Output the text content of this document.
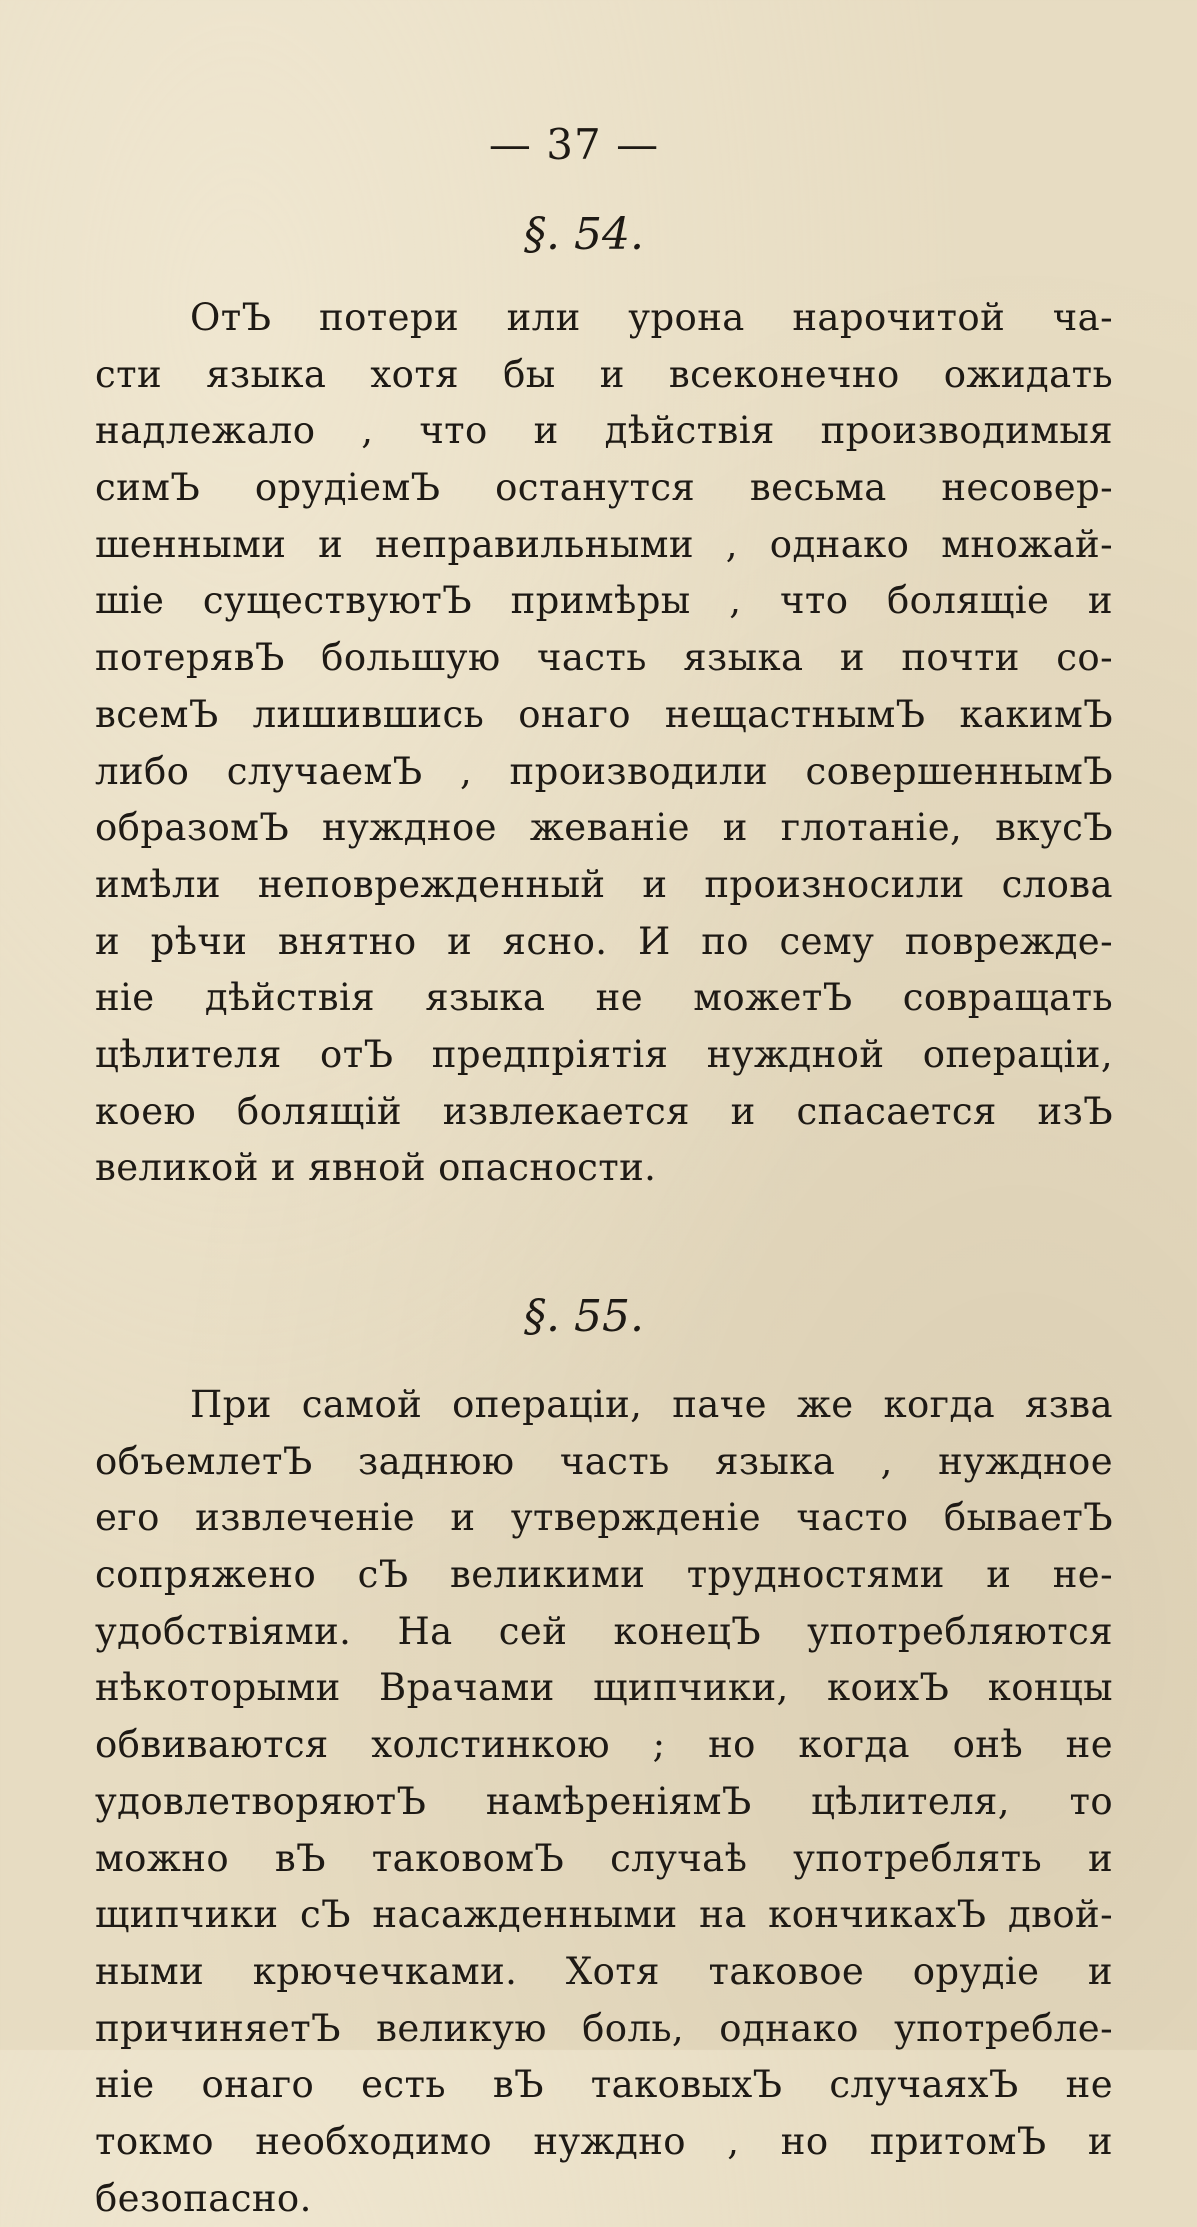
— 37 —
§. 54.
ОтЪ потери или урона нарочитой ча-
сти языка хотя бы и всеконечно ожидать
надлежало , что и дѣйствія производимыя
симЪ орудіемЪ останутся весьма несовер-
шенными и неправильными , однако множай-
шіе существуютЪ примѣры , что болящіе и
потерявЪ большую часть языка и почти со-
всемЪ лишившись онаго нещастнымЪ какимЪ
либо случаемЪ , производили совершеннымЪ
образомЪ нуждное жеваніе и глотаніе, вкусЪ
имѣли неповрежденный и произносили слова
и рѣчи внятно и ясно. И по сему поврежде-
ніе дѣйствія языка не можетЪ совращать
цѣлителя отЪ предпріятія нуждной операціи,
коею болящій извлекается и спасается изЪ
великой и явной опасности.
§. 55.
При самой операціи, паче же когда язва
объемлетЪ заднюю часть языка , нуждное
его извлеченіе и утвержденіе часто бываетЪ
сопряжено сЪ великими трудностями и не-
удобствіями. На сей конецЪ употребляются
нѣкоторыми Врачами щипчики, коихЪ концы
обвиваются холстинкою ; но когда онѣ не
удовлетворяютЪ намѣреніямЪ цѣлителя, то
можно вЪ таковомЪ случаѣ употреблять и
щипчики сЪ насажденными на кончикахЪ двой-
ными крючечками. Хотя таковое орудіе и
причиняетЪ великую боль, однако употребле-
ніе онаго есть вЪ таковыхЪ случаяхЪ не
токмо необходимо нуждно , но притомЪ и
безопасно.
